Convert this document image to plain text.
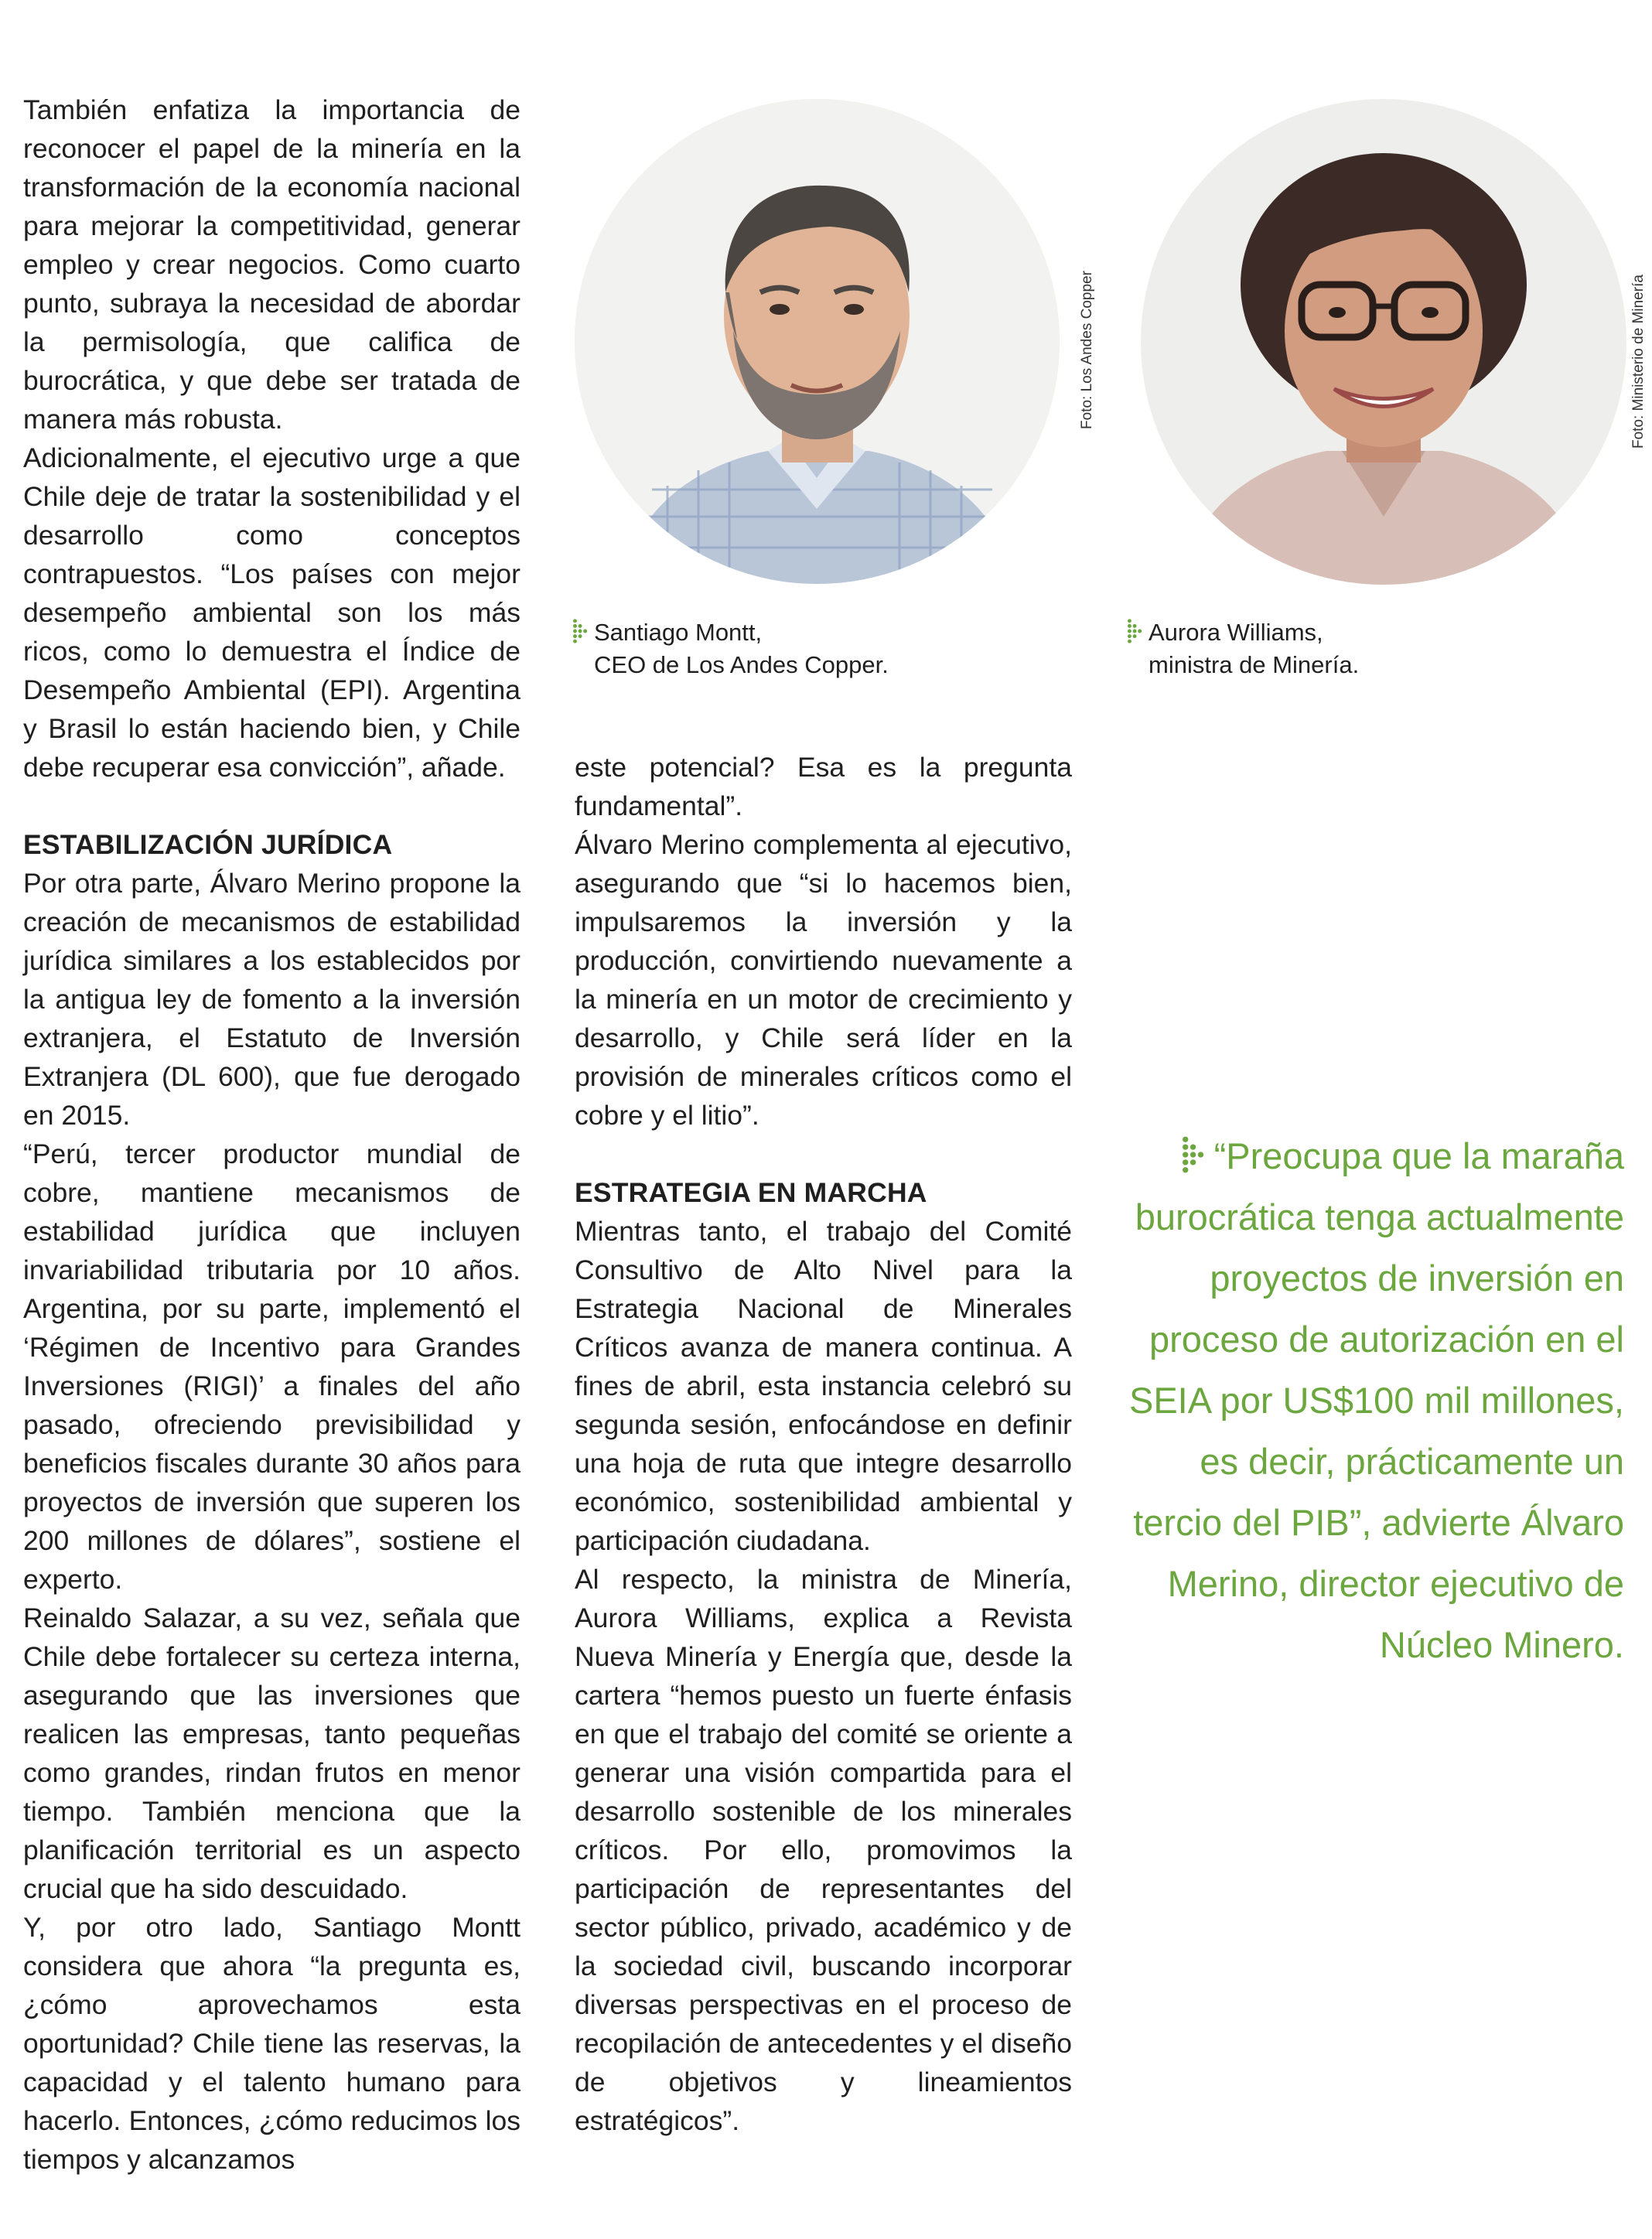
También enfatiza la importancia de reconocer el papel de la minería en la transformación de la economía nacional para mejorar la competitividad, generar empleo y crear negocios. Como cuarto punto, subraya la necesidad de abordar la permisología, que califica de burocrática, y que debe ser tratada de manera más robusta.

Adicionalmente, el ejecutivo urge a que Chile deje de tratar la sostenibilidad y el desarrollo como conceptos contrapuestos. “Los países con mejor desempeño ambiental son los más ricos, como lo demuestra el Índice de Desempeño Ambiental (EPI). Argentina y Brasil lo están haciendo bien, y Chile debe recuperar esa convicción”, añade.

ESTABILIZACIÓN JURÍDICA

Por otra parte, Álvaro Merino propone la creación de mecanismos de estabilidad jurídica similares a los establecidos por la antigua ley de fomento a la inversión extranjera, el Estatuto de Inversión Extranjera (DL 600), que fue derogado en 2015.

“Perú, tercer productor mundial de cobre, mantiene mecanismos de estabilidad jurídica que incluyen invariabilidad tributaria por 10 años. Argentina, por su parte, implementó el ‘Régimen de Incentivo para Grandes Inversiones (RIGI)’ a finales del año pasado, ofreciendo previsibilidad y beneficios fiscales durante 30 años para proyectos de inversión que superen los 200 millones de dólares”, sostiene el experto.

Reinaldo Salazar, a su vez, señala que Chile debe fortalecer su certeza interna, asegurando que las inversiones que realicen las empresas, tanto pequeñas como grandes, rindan frutos en menor tiempo. También menciona que la planificación territorial es un aspecto crucial que ha sido descuidado.

Y, por otro lado, Santiago Montt considera que ahora “la pregunta es, ¿cómo aprovechamos esta oportunidad? Chile tiene las reservas, la capacidad y el talento humano para hacerlo. Entonces, ¿cómo reducimos los tiempos y alcanzamos

Foto: Los Andes Copper	Foto: Ministerio de Minería
Santiago Montt,
CEO de Los Andes Copper.
Aurora Williams,
ministra de Minería.

este potencial? Esa es la pregunta fundamental”.

Álvaro Merino complementa al ejecutivo, asegurando que “si lo hacemos bien, impulsaremos la inversión y la producción, convirtiendo nuevamente a la minería en un motor de crecimiento y desarrollo, y Chile será líder en la provisión de minerales críticos como el cobre y el litio”.

ESTRATEGIA EN MARCHA

Mientras tanto, el trabajo del Comité Consultivo de Alto Nivel para la Estrategia Nacional de Minerales Críticos avanza de manera continua. A fines de abril, esta instancia celebró su segunda sesión, enfocándose en definir una hoja de ruta que integre desarrollo económico, sostenibilidad ambiental y participación ciudadana.

Al respecto, la ministra de Minería, Aurora Williams, explica a Revista Nueva Minería y Energía que, desde la cartera “hemos puesto un fuerte énfasis en que el trabajo del comité se oriente a generar una visión compartida para el desarrollo sostenible de los minerales críticos. Por ello, promovimos la participación de representantes del sector público, privado, académico y de la sociedad civil, buscando incorporar diversas perspectivas en el proceso de recopilación de antecedentes y el diseño de objetivos y lineamientos estratégicos”.

“Preocupa que la maraña burocrática tenga actualmente proyectos de inversión en proceso de autorización en el SEIA por US$100 mil millones, es decir, prácticamente un tercio del PIB”, advierte Álvaro Merino, director ejecutivo de Núcleo Minero.
